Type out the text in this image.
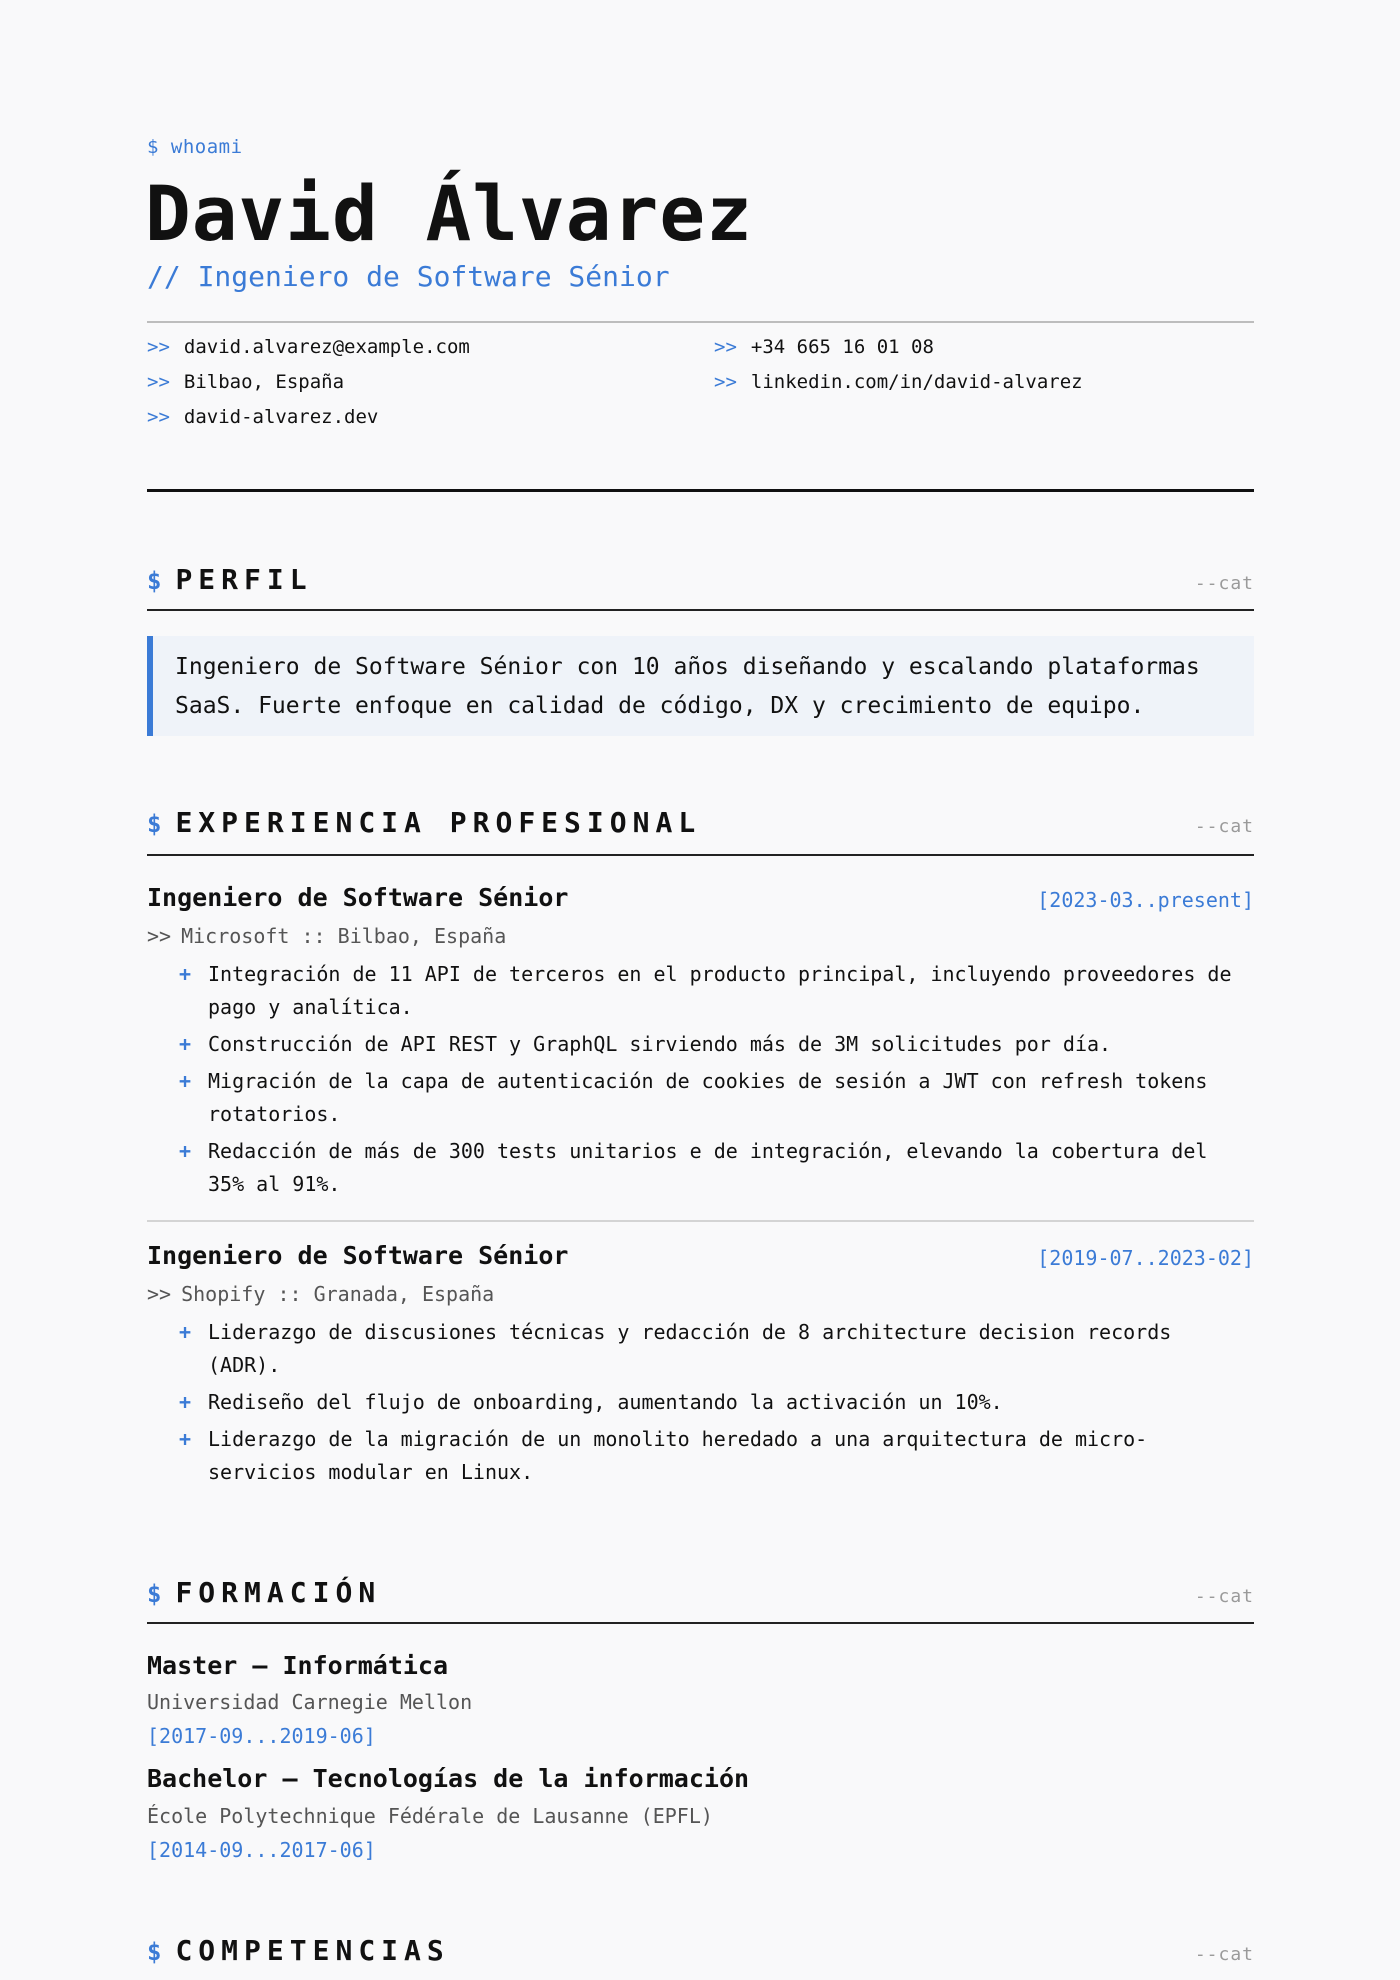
$ whoami
David Álvarez
// Ingeniero de Software Sénior
>> david.alvarez@example.com	>> +34 665 16 01 08
>> Bilbao, España	>> linkedin.com/in/david-alvarez
>> david-alvarez.dev
$ PERFIL	--cat
Ingeniero de Software Sénior con 10 años diseñando y escalando plataformas SaaS. Fuerte enfoque en calidad de código, DX y crecimiento de equipo.
$ EXPERIENCIA PROFESIONAL	--cat
Ingeniero de Software Sénior	[2023-03..present]
>> Microsoft :: Bilbao, España
+ Integración de 11 API de terceros en el producto principal, incluyendo proveedores de pago y analítica.
+ Construcción de API REST y GraphQL sirviendo más de 3M solicitudes por día.
+ Migración de la capa de autenticación de cookies de sesión a JWT con refresh tokens rotatorios.
+ Redacción de más de 300 tests unitarios e de integración, elevando la cobertura del 35% al 91%.
Ingeniero de Software Sénior	[2019-07..2023-02]
>> Shopify :: Granada, España
+ Liderazgo de discusiones técnicas y redacción de 8 architecture decision records (ADR).
+ Rediseño del flujo de onboarding, aumentando la activación un 10%.
+ Liderazgo de la migración de un monolito heredado a una arquitectura de micro-servicios modular en Linux.
$ FORMACIÓN	--cat
Master — Informática
Universidad Carnegie Mellon
[2017-09...2019-06]
Bachelor — Tecnologías de la información
École Polytechnique Fédérale de Lausanne (EPFL)
[2014-09...2017-06]
$ COMPETENCIAS	--cat
